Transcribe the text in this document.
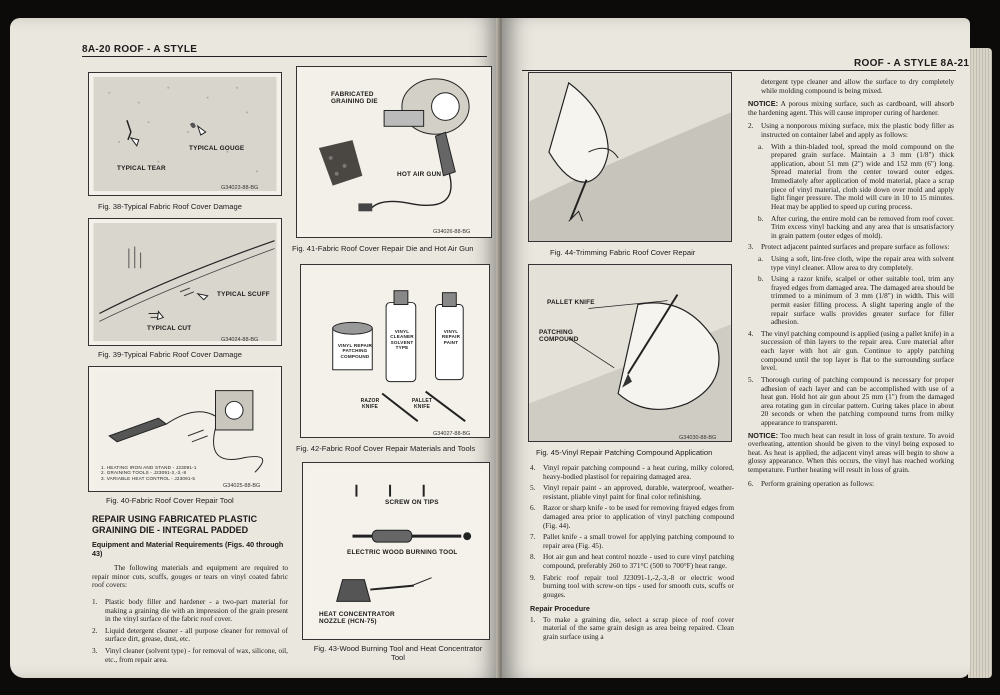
8A-20 ROOF - A STYLE
TYPICAL GOUGE
TYPICAL TEAR
G34023-88-BG
Fig. 38-Typical Fabric Roof Cover Damage
TYPICAL SCUFF
TYPICAL CUT
G34024-88-BG
Fig. 39-Typical Fabric Roof Cover Damage
1. HEATING IRON AND STAND - J23091-1
2. GRAINING TOOLS - J23091-2,-3,-8
3. VARIABLE HEAT CONTROL - J23091-5
G34025-88-BG
Fig. 40-Fabric Roof Cover Repair Tool
FABRICATED GRAINING DIE
HOT AIR GUN
G34026-88-BG
Fig. 41-Fabric Roof Cover Repair Die and Hot Air Gun
VINYL REPAIR PATCHING COMPOUND
VINYL CLEANER SOLVENT TYPE
VINYL REPAIR PAINT
RAZOR KNIFE
PALLET KNIFE
G34027-88-BG
Fig. 42-Fabric Roof Cover Repair Materials and Tools
SCREW ON TIPS
ELECTRIC WOOD BURNING TOOL
HEAT CONCENTRATOR NOZZLE (HCN-75)
Fig. 43-Wood Burning Tool and Heat Concentrator Tool
REPAIR USING FABRICATED PLASTIC GRAINING DIE - INTEGRAL PADDED
Equipment and Material Requirements (Figs. 40 through 43)
The following materials and equipment are required to repair minor cuts, scuffs, gouges or tears on vinyl coated fabric roof covers:
1.	Plastic body filler and hardener - a two-part material for making a graining die with an impression of the grain present in the vinyl surface of the fabric roof cover.
2.	Liquid detergent cleaner - all purpose cleaner for removal of surface dirt, grease, dust, etc.
3.	Vinyl cleaner (solvent type) - for removal of wax, silicone, oil, etc., from repair area.
ROOF - A STYLE 8A-21
Fig. 44-Trimming Fabric Roof Cover Repair
PALLET KNIFE
PATCHING COMPOUND
G34030-88-BG
Fig. 45-Vinyl Repair Patching Compound Application
4.	Vinyl repair patching compound - a heat curing, milky colored, heavy-bodied plastisol for repairing damaged area.
5.	Vinyl repair paint - an approved, durable, waterproof, weather-resistant, pliable vinyl paint for final color refinishing.
6.	Razor or sharp knife - to be used for removing frayed edges from damaged area prior to application of vinyl patching compound (Fig. 44).
7.	Pallet knife - a small trowel for applying patching compound to repair area (Fig. 45).
8.	Hot air gun and heat control nozzle - used to cure vinyl patching compound, preferably 260 to 371°C (500 to 700°F) heat range.
9.	Fabric roof repair tool J23091-1,-2,-3,-8 or electric wood burning tool with screw-on tips - used for smooth cuts, scuffs or gouges.
Repair Procedure
1.	To make a graining die, select a scrap piece of roof cover material of the same grain design as area being repaired. Clean grain surface using a
detergent type cleaner and allow the surface to dry completely while molding compound is being mixed.
NOTICE: A porous mixing surface, such as cardboard, will absorb the hardening agent. This will cause improper curing of hardener.
2.	Using a nonporous mixing surface, mix the plastic body filler as instructed on container label and apply as follows:
a.	With a thin-bladed tool, spread the mold compound on the prepared grain surface. Maintain a 3 mm (1/8") thick application, about 51 mm (2") wide and 152 mm (6") long. Spread material from the center toward outer edges. Immediately after application of mold material, place a scrap piece of vinyl material, cloth side down over mold and apply light finger pressure. The mold will cure in 10 to 15 minutes. Heat may be applied to speed up curing process.
b.	After curing, the entire mold can be removed from roof cover. Trim excess vinyl backing and any area that is unsatisfactory in grain pattern (outer edges of mold).
3.	Protect adjacent painted surfaces and prepare surface as follows:
a.	Using a soft, lint-free cloth, wipe the repair area with solvent type vinyl cleaner. Allow area to dry completely.
b.	Using a razor knife, scalpel or other suitable tool, trim any frayed edges from damaged area. The damaged area should be trimmed to a minimum of 3 mm (1/8") in width. This will permit easier filling process. A slight tapering angle of the repair surface walls provides greater surface for filler adhesion.
4.	The vinyl patching compound is applied (using a pallet knife) in a succession of thin layers to the repair area. Cure material after each layer with hot air gun. Continue to apply patching compound until the top layer is flat to the surrounding surface level.
5.	Thorough curing of patching compound is necessary for proper adhesion of each layer and can be accomplished with use of a heat gun. Hold hot air gun about 25 mm (1") from the damaged area rotating gun in circular pattern. Curing takes place in about 20 seconds or when the patching compound turns from milky appearance to transparent.
NOTICE: Too much heat can result in loss of grain texture. To avoid overheating, attention should be given to the vinyl being exposed to heat. As heat is applied, the adjacent vinyl areas will begin to show a glossy appearance. When this occurs, the vinyl has reached working temperature. Further heating will result in loss of grain.
6.	Perform graining operation as follows:
